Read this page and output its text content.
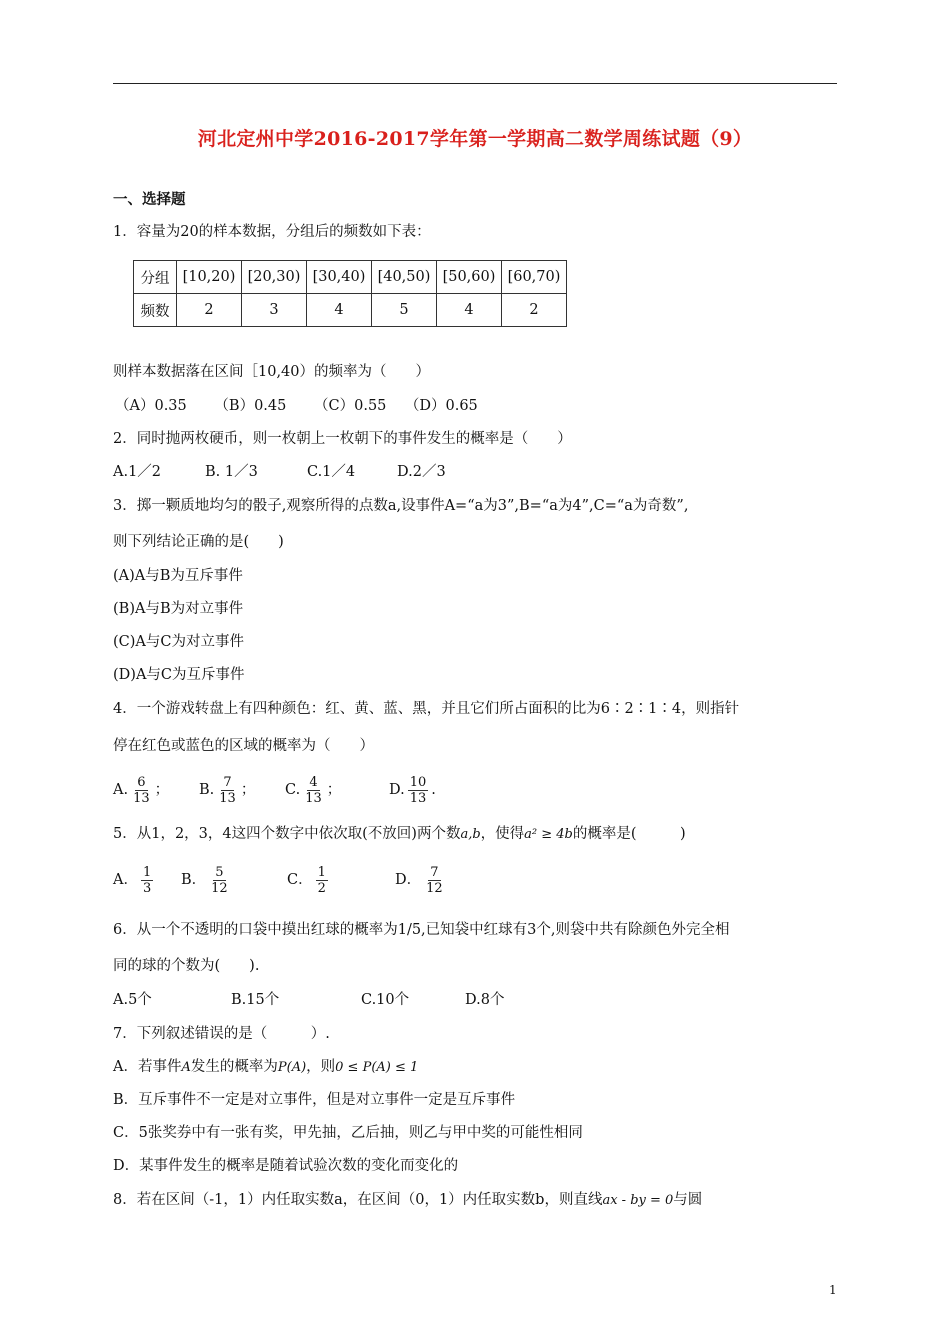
河北定州中学2016-2017学年第一学期高二数学周练试题（9）
一、选择题
1．容量为20的样本数据，分组后的频数如下表：
分组	[10,20)	[20,30)	[30,40)	[40,50)	[50,60)	[60,70)
频数	2	3	4	5	4	2
则样本数据落在区间［10,40）的频率为（　　）
（A）0.35 （B）0.45 （C）0.55 （D）0.65
2．同时抛两枚硬币，则一枚朝上一枚朝下的事件发生的概率是（　　）
A.1／2	B. 1／3	C.1／4	D.2／3
3．掷一颗质地均匀的骰子,观察所得的点数a,设事件A=“a为3”,B=“a为4”,C=“a为奇数”,
则下列结论正确的是(　　)
(A)A与B为互斥事件
(B)A与B为对立事件
(C)A与C为对立事件
(D)A与C为互斥事件
4．一个游戏转盘上有四种颜色：红、黄、蓝、黑，并且它们所占面积的比为6∶2∶1∶4，则指针
停在红色或蓝色的区域的概率为（　　）
A. $\frac{6}{13}$ ； B. $\frac{7}{13}$ ； C. $\frac{4}{13}$ ；	D. $\frac{10}{13}$ .
5．从1，2，3，4这四个数字中依次取(不放回)两个数a,b，使得a² ≥ 4b的概率是(　　　)
A． $\frac{1}{3}$ B． $\frac{5}{12}$	C． $\frac{1}{2}$	D． $\frac{7}{12}$
6．从一个不透明的口袋中摸出红球的概率为1/5,已知袋中红球有3个,则袋中共有除颜色外完全相
同的球的个数为(　　).
A.5个	B.15个	C.10个	D.8个
7．下列叙述错误的是（　　　）.
A．若事件A发生的概率为P(A)，则0 ≤ P(A) ≤ 1
B．互斥事件不一定是对立事件，但是对立事件一定是互斥事件
C．5张奖券中有一张有奖，甲先抽，乙后抽，则乙与甲中奖的可能性相同
D．某事件发生的概率是随着试验次数的变化而变化的
8．若在区间（-1，1）内任取实数a，在区间（0，1）内任取实数b，则直线ax - by = 0与圆
1
